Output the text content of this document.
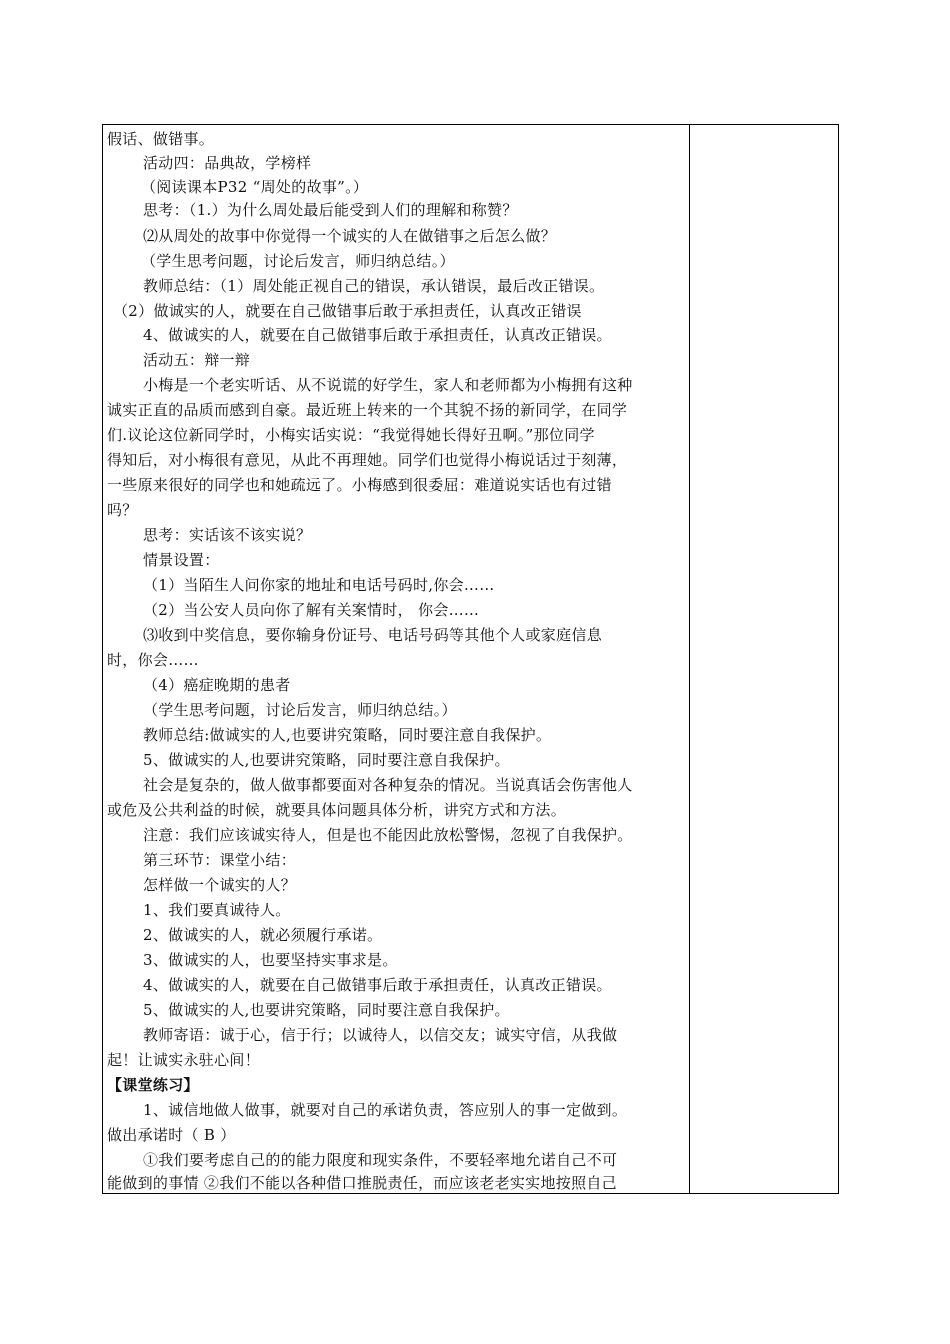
假话、做错事。
活动四：品典故，学榜样
（阅读课本P32 “周处的故事”。）
思考：（1.）为什么周处最后能受到人们的理解和称赞？
⑵从周处的故事中你觉得一个诚实的人在做错事之后怎么做？
（学生思考问题，讨论后发言，师归纳总结。）
教师总结：（1）周处能正视自己的错误，承认错误，最后改正错误。
（2）做诚实的人，就要在自己做错事后敢于承担责任，认真改正错误
4、做诚实的人，就要在自己做错事后敢于承担责任，认真改正错误。
活动五：辩一辩
小梅是一个老实听话、从不说谎的好学生，家人和老师都为小梅拥有这种
诚实正直的品质而感到自豪。最近班上转来的一个其貌不扬的新同学，在同学
们.议论这位新同学时，小梅实话实说：“我觉得她长得好丑啊。”那位同学
得知后，对小梅很有意见，从此不再理她。同学们也觉得小梅说话过于刻薄，
一些原来很好的同学也和她疏远了。小梅感到很委屈：难道说实话也有过错
吗？
思考：实话该不该实说？
情景设置：
（1）当陌生人问你家的地址和电话号码时,你会……
（2）当公安人员向你了解有关案情时， 你会……
⑶收到中奖信息，要你输身份证号、电话号码等其他个人或家庭信息
时，你会……
（4）癌症晚期的患者
（学生思考问题，讨论后发言，师归纳总结。）
教师总结:做诚实的人,也要讲究策略，同时要注意自我保护。
5、做诚实的人,也要讲究策略，同时要注意自我保护。
社会是复杂的，做人做事都要面对各种复杂的情况。当说真话会伤害他人
或危及公共利益的时候，就要具体问题具体分析，讲究方式和方法。
注意：我们应该诚实待人，但是也不能因此放松警惕，忽视了自我保护。
第三环节：课堂小结：
怎样做一个诚实的人？
1、我们要真诚待人。
2、做诚实的人，就必须履行承诺。
3、做诚实的人，也要坚持实事求是。
4、做诚实的人，就要在自己做错事后敢于承担责任，认真改正错误。
5、做诚实的人,也要讲究策略，同时要注意自我保护。
教师寄语：诚于心，信于行；以诚待人，以信交友；诚实守信，从我做
起！让诚实永驻心间！
【课堂练习】
1、诚信地做人做事，就要对自己的承诺负责，答应别人的事一定做到。
做出承诺时（ B ）
①我们要考虑自己的的能力限度和现实条件，不要轻率地允诺自己不可
能做到的事情 ②我们不能以各种借口推脱责任，而应该老老实实地按照自己
